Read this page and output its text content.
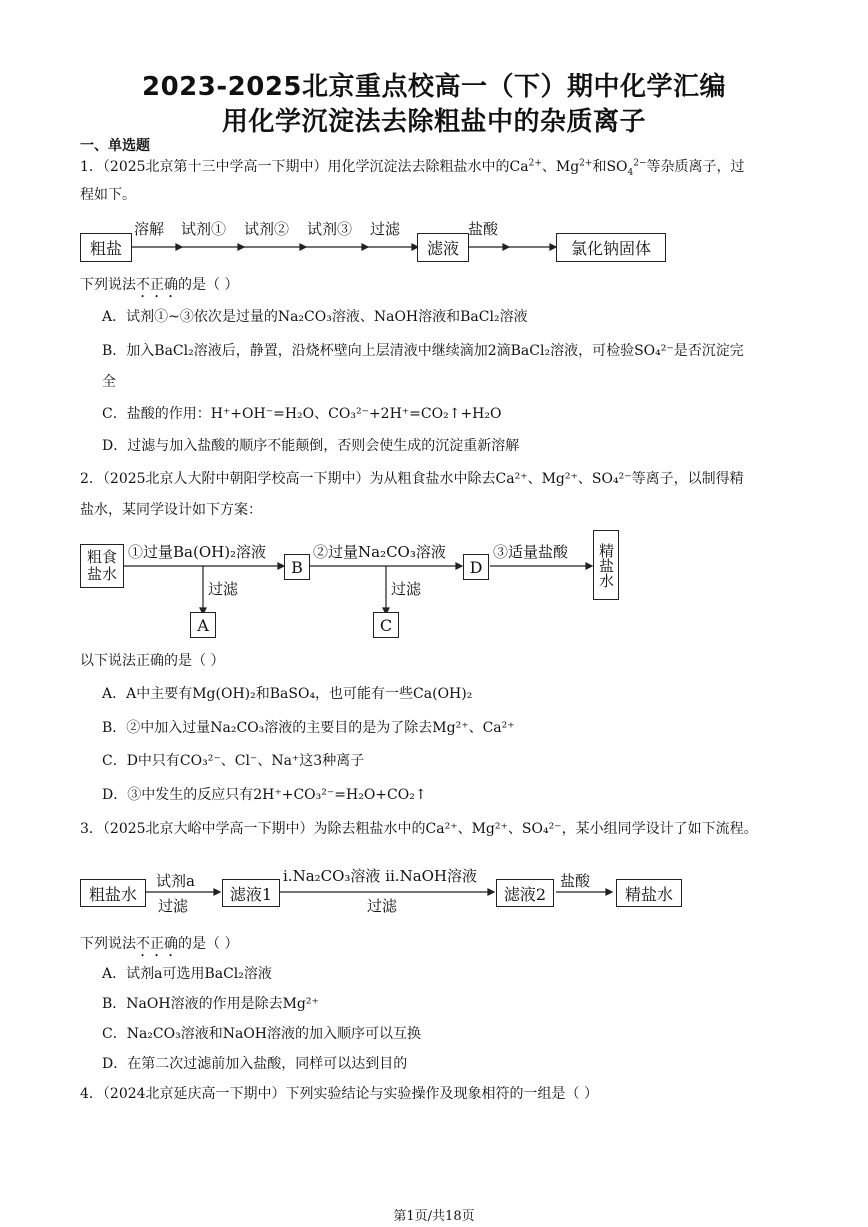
2023-2025北京重点校高一（下）期中化学汇编
用化学沉淀法去除粗盐中的杂质离子
一、单选题
1．（2025北京第十三中学高一下期中）用化学沉淀法去除粗盐水中的$Ca^{2+}$、$Mg^{2+}$和$SO_4^{2-}$等杂质离子，过
程如下。
粗盐
溶解 试剂① 试剂② 试剂③ 过滤
滤液
盐酸
氯化钠固体
下列说法不正确的是（ ）
A．试剂①~③依次是过量的Na₂CO₃溶液、NaOH溶液和BaCl₂溶液
B．加入BaCl₂溶液后，静置，沿烧杯壁向上层清液中继续滴加2滴BaCl₂溶液，可检验SO₄²⁻是否沉淀完
全
C．盐酸的作用：H⁺+OH⁻=H₂O、CO₃²⁻+2H⁺=CO₂↑+H₂O
D．过滤与加入盐酸的顺序不能颠倒，否则会使生成的沉淀重新溶解
2．（2025北京人大附中朝阳学校高一下期中）为从粗食盐水中除去Ca²⁺、Mg²⁺、SO₄²⁻等离子，以制得精
盐水，某同学设计如下方案：
粗食盐水
①过量Ba(OH)₂溶液
B
②过量Na₂CO₃溶液
D
③适量盐酸 精盐水
过滤	过滤
A	C
以下说法正确的是（ ）
A．A中主要有Mg(OH)₂和BaSO₄，也可能有一些Ca(OH)₂
B．②中加入过量Na₂CO₃溶液的主要目的是为了除去Mg²⁺、Ca²⁺
C．D中只有CO₃²⁻、Cl⁻、Na⁺这3种离子
D．③中发生的反应只有2H⁺+CO₃²⁻=H₂O+CO₂↑
3．（2025北京大峪中学高一下期中）为除去粗盐水中的Ca²⁺、Mg²⁺、SO₄²⁻，某小组同学设计了如下流程。
粗盐水
试剂a
过滤
滤液1
ⅰ.Na₂CO₃溶液 ⅱ.NaOH溶液
过滤
滤液2
盐酸
精盐水
下列说法不正确的是（ ）
A．试剂a可选用BaCl₂溶液
B．NaOH溶液的作用是除去Mg²⁺
C．Na₂CO₃溶液和NaOH溶液的加入顺序可以互换
D．在第二次过滤前加入盐酸，同样可以达到目的
4．（2024北京延庆高一下期中）下列实验结论与实验操作及现象相符的一组是（ ）
第1页/共18页
